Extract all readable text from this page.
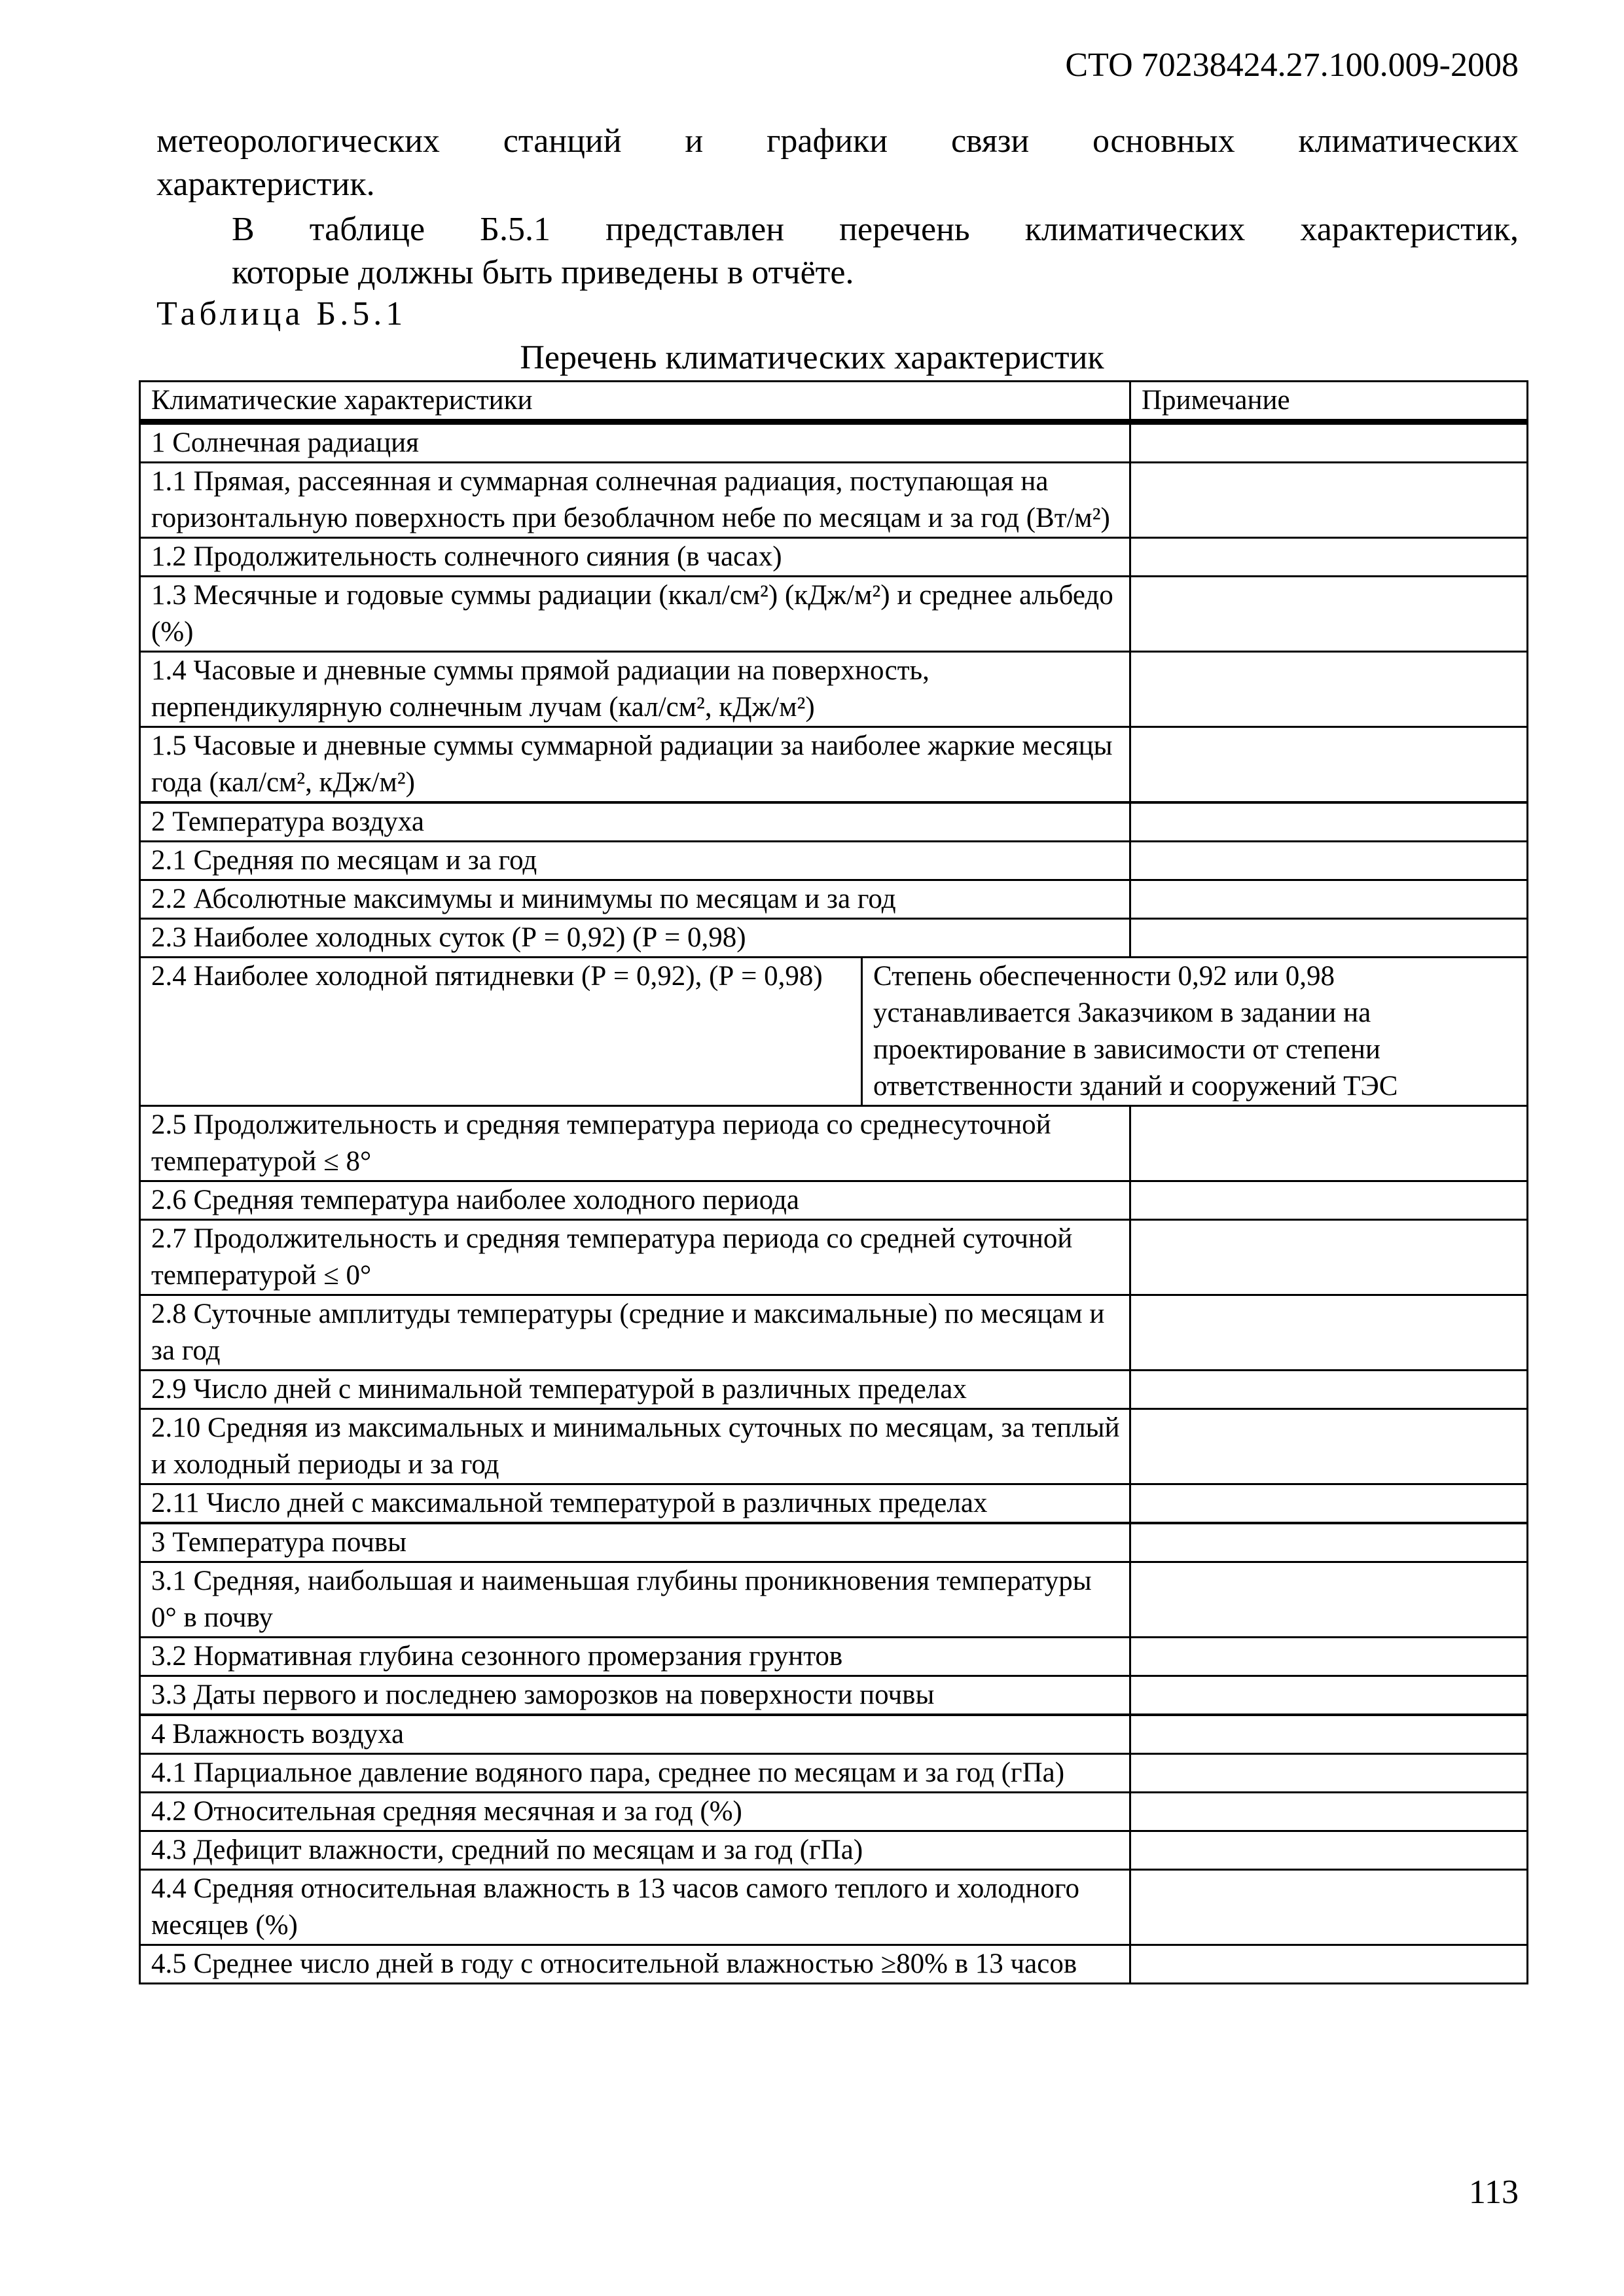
СТО 70238424.27.100.009-2008
метеорологических станций и графики связи основных климатических
характеристик.
В таблице Б.5.1 представлен перечень климатических характеристик,
которые должны быть приведены в отчёте.
Таблица Б.5.1
Перечень климатических характеристик
Климатические характеристики		Примечание
1 Солнечная радиация		
1.1 Прямая, рассеянная и суммарная солнечная радиация, поступающая на горизонтальную поверхность при безоблачном небе по месяцам и за год (Вт/м²)		
1.2 Продолжительность солнечного сияния (в часах)		
1.3 Месячные и годовые суммы радиации (ккал/см²) (кДж/м²) и среднее альбедо (%)		
1.4 Часовые и дневные суммы прямой радиации на поверхность, перпендикулярную солнечным лучам (кал/см², кДж/м²)		
1.5 Часовые и дневные суммы суммарной радиации за наиболее жаркие месяцы года (кал/см², кДж/м²)		
2 Температура воздуха		
2.1 Средняя по месяцам и за год		
2.2 Абсолютные максимумы и минимумы по месяцам и за год		
2.3 Наиболее холодных суток (Р = 0,92) (Р = 0,98)		
2.4 Наиболее холодной пятидневки (Р = 0,92), (Р = 0,98)	Степень обеспеченности 0,92 или 0,98 устанавливается Заказчиком в задании на проектирование в зависимости от степени ответственности зданий и сооружений ТЭС	
2.5 Продолжительность и средняя температура периода со среднесуточной температурой ≤ 8°		
2.6 Средняя температура наиболее холодного периода		
2.7 Продолжительность и средняя температура периода со средней суточной температурой ≤ 0°		
2.8 Суточные амплитуды температуры (средние и максимальные) по месяцам и за год		
2.9 Число дней с минимальной температурой в различных пределах		
2.10 Средняя из максимальных и минимальных суточных по месяцам, за теплый и холодный периоды и за год		
2.11 Число дней с максимальной температурой в различных пределах		
3 Температура почвы		
3.1 Средняя, наибольшая и наименьшая глубины проникновения температуры 0° в почву		
3.2 Нормативная глубина сезонного промерзания грунтов		
3.3 Даты первого и последнею заморозков на поверхности почвы		
4 Влажность воздуха		
4.1 Парциальное давление водяного пара, среднее по месяцам и за год (гПа)		
4.2 Относительная средняя месячная и за год (%)		
4.3 Дефицит влажности, средний по месяцам и за год (гПа)		
4.4 Средняя относительная влажность в 13 часов самого теплого и холодного месяцев (%)		
4.5 Среднее число дней в году с относительной влажностью ≥80% в 13 часов		
113
